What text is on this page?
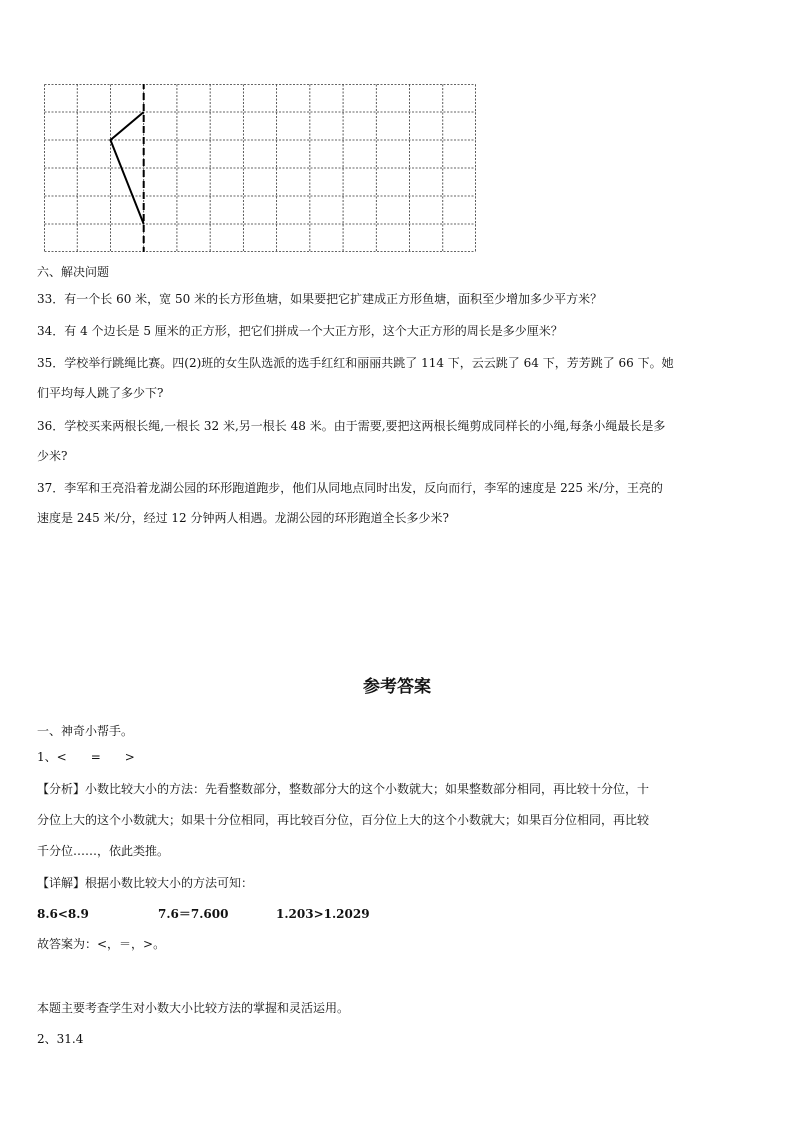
六、解决问题
33．有一个长 60 米，宽 50 米的长方形鱼塘，如果要把它扩建成正方形鱼塘，面积至少增加多少平方米？
34．有 4 个边长是 5 厘米的正方形，把它们拼成一个大正方形，这个大正方形的周长是多少厘米？
35．学校举行跳绳比赛。四(2)班的女生队选派的选手红红和丽丽共跳了 114 下，云云跳了 64 下，芳芳跳了 66 下。她
们平均每人跳了多少下?
36．学校买来两根长绳,一根长 32 米,另一根长 48 米。由于需要,要把这两根长绳剪成同样长的小绳,每条小绳最长是多
少米?
37．李军和王亮沿着龙湖公园的环形跑道跑步，他们从同地点同时出发，反向而行，李军的速度是 225 米/分，王亮的
速度是 245 米/分，经过 12 分钟两人相遇。龙湖公园的环形跑道全长多少米?
参考答案
一、神奇小帮手。
1、<　　=　　>
【分析】小数比较大小的方法：先看整数部分，整数部分大的这个小数就大；如果整数部分相同，再比较十分位，十
分位上大的这个小数就大；如果十分位相同，再比较百分位，百分位上大的这个小数就大；如果百分位相同，再比较
千分位……，依此类推。
【详解】根据小数比较大小的方法可知：
8.6<8.9	7.6＝7.600	1.203>1.2029
故答案为：<，＝，>。
本题主要考查学生对小数大小比较方法的掌握和灵活运用。
2、31.4
